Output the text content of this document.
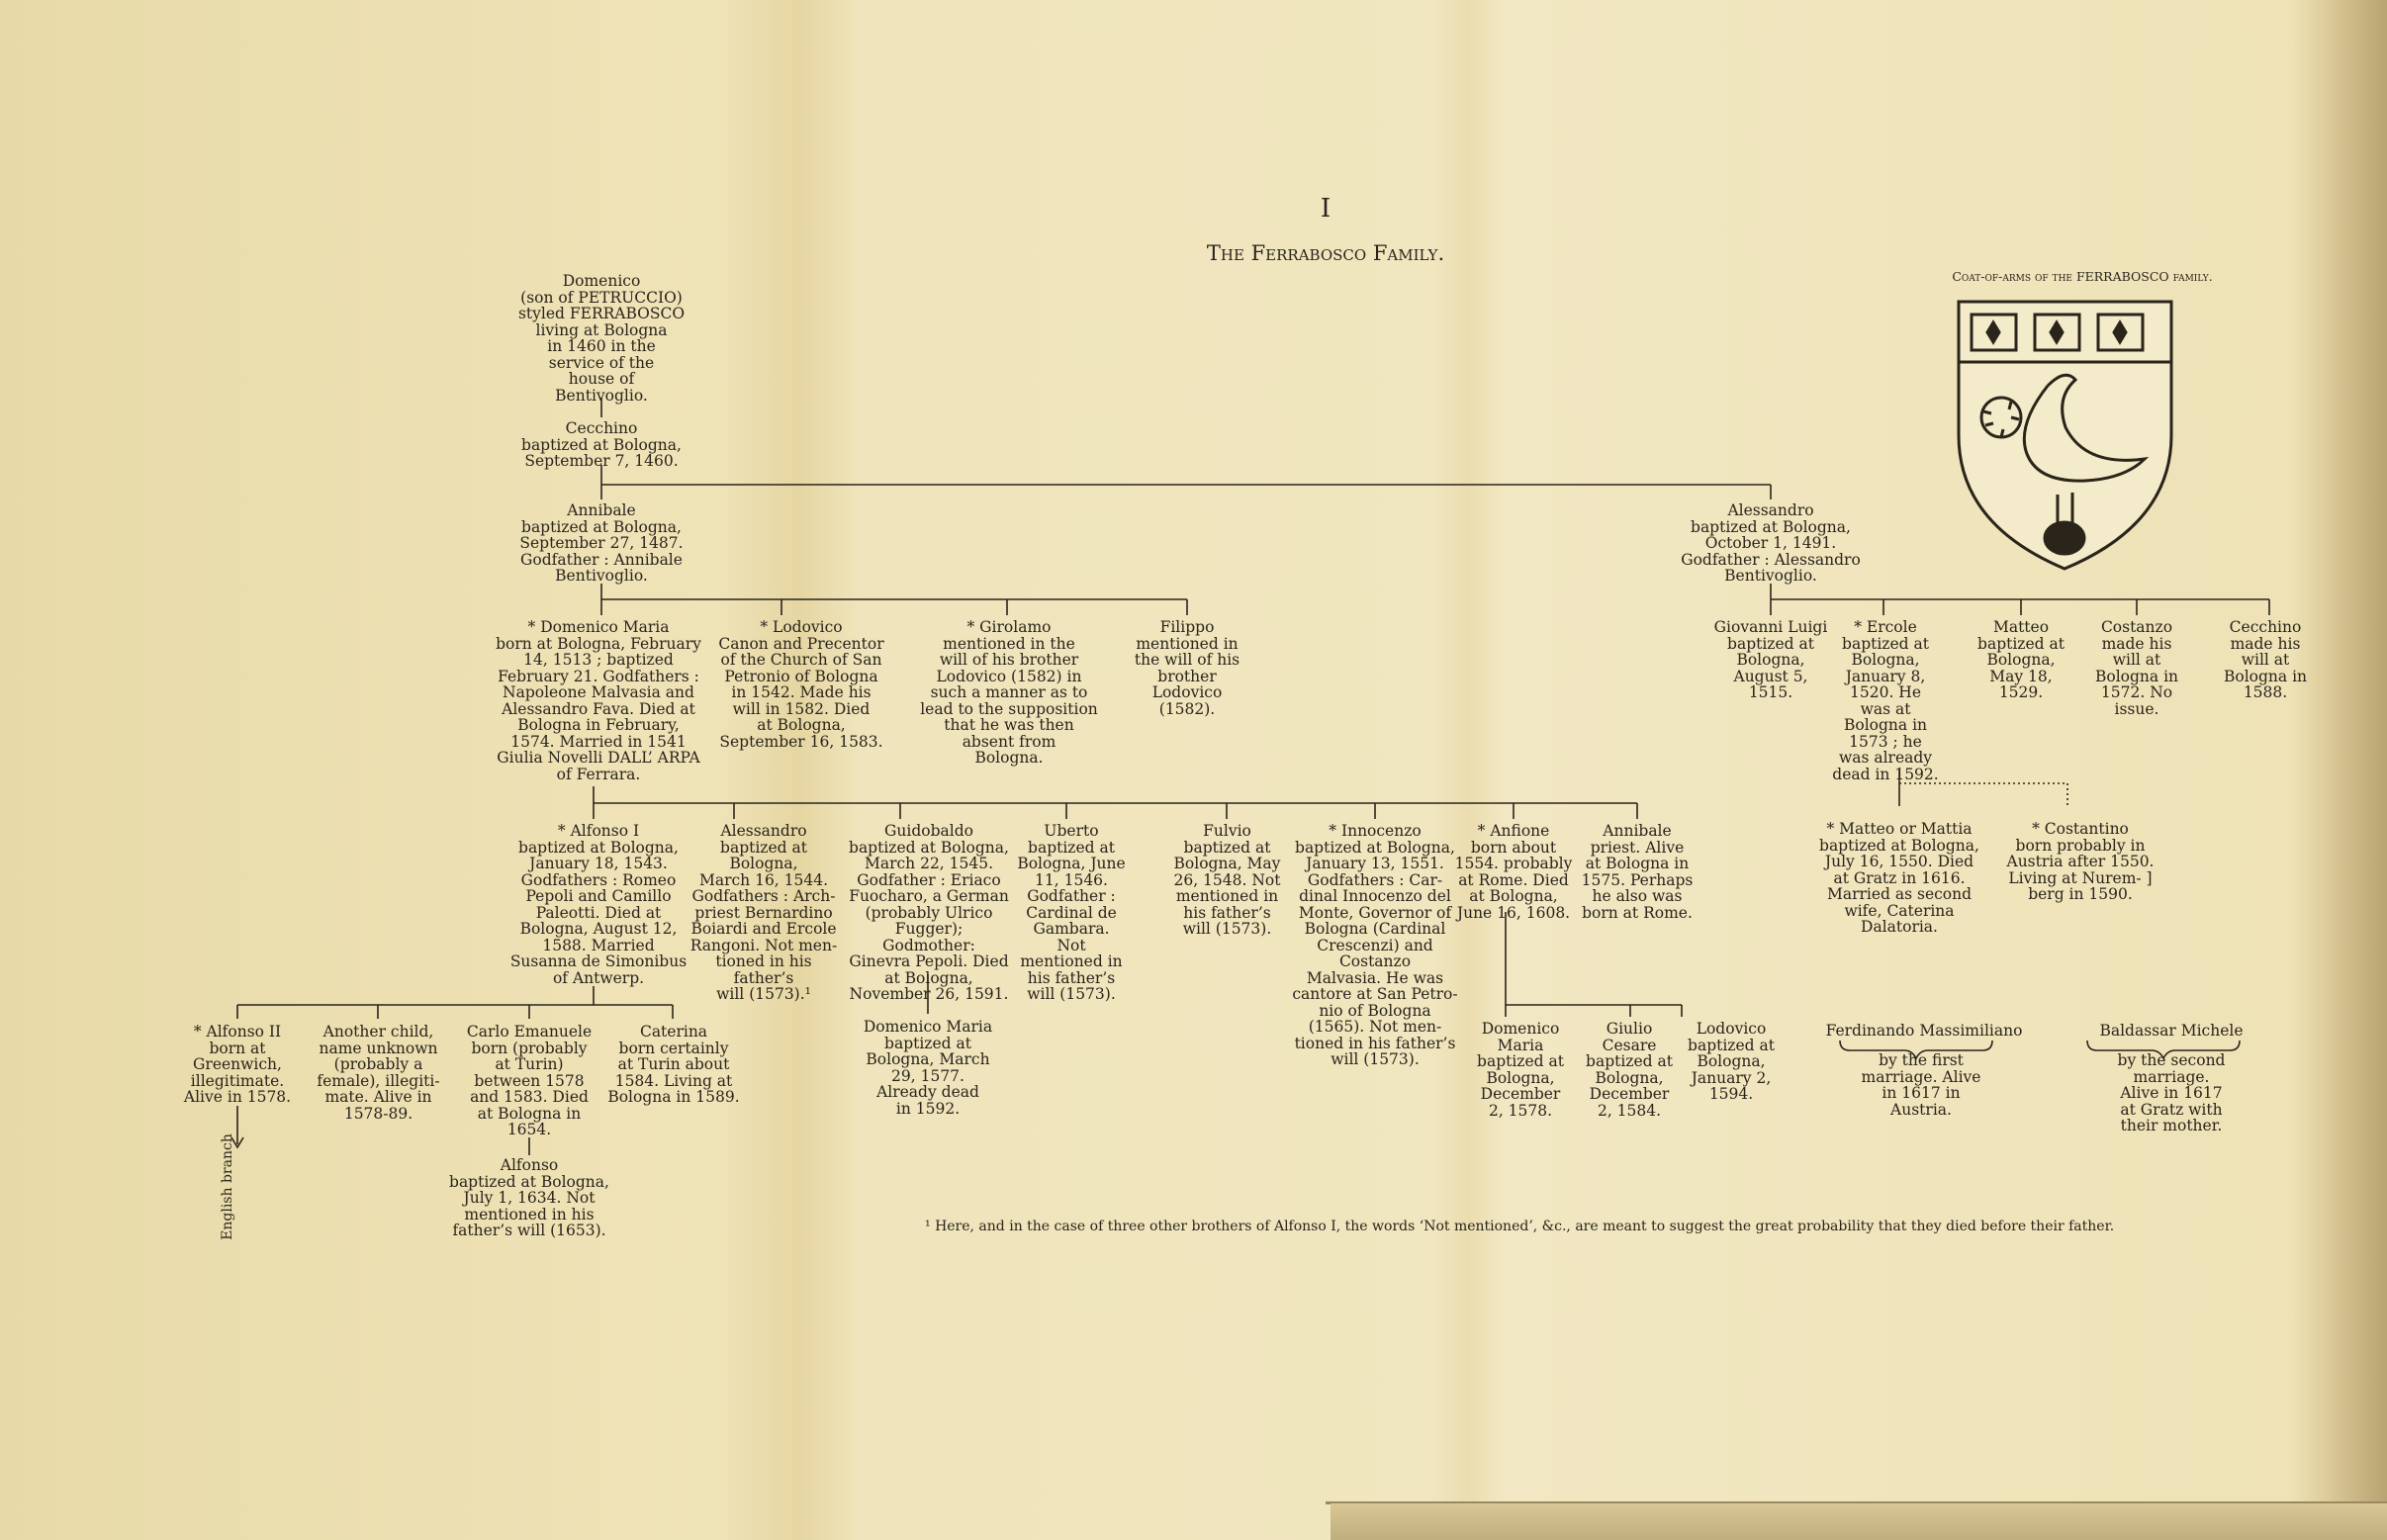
I
The Ferrabosco Family.
Coat-of-arms of the FERRABOSCO family.
Domenico
(son of PETRUCCIO)
styled FERRABOSCO
living at Bologna
in 1460 in the
service of the
house of
Bentivoglio.
Cecchino
baptized at Bologna,
September 7, 1460.
Annibale
baptized at Bologna,
September 27, 1487.
Godfather : Annibale
Bentivoglio.
Alessandro
baptized at Bologna,
October 1, 1491.
Godfather : Alessandro
Bentivoglio.
* Domenico Maria
born at Bologna, February
14, 1513 ; baptized
February 21. Godfathers :
Napoleone Malvasia and
Alessandro Fava. Died at
Bologna in February,
1574. Married in 1541
Giulia Novelli DALL’ ARPA
of Ferrara.
* Lodovico
Canon and Precentor
of the Church of San
Petronio of Bologna
in 1542. Made his
will in 1582. Died
at Bologna,
September 16, 1583.
* Girolamo
mentioned in the
will of his brother
Lodovico (1582) in
such a manner as to
lead to the supposition
that he was then
absent from
Bologna.
Filippo
mentioned in
the will of his
brother
Lodovico
(1582).
Giovanni Luigi
baptized at
Bologna,
August 5,
1515.
* Ercole
baptized at
Bologna,
January 8,
1520. He
was at
Bologna in
1573 ; he
was already
dead in 1592.
Matteo
baptized at
Bologna,
May 18,
1529.
Costanzo
made his
will at
Bologna in
1572. No
issue.
Cecchino
made his
will at
Bologna in
1588.
* Alfonso I
baptized at Bologna,
January 18, 1543.
Godfathers : Romeo
Pepoli and Camillo
Paleotti. Died at
Bologna, August 12,
1588. Married
Susanna de Simonibus
of Antwerp.
Alessandro
baptized at Bologna,
March 16, 1544.
Godfathers : Arch-
priest Bernardino
Boiardi and Ercole
Rangoni. Not men-
tioned in his father’s
will (1573).¹
Guidobaldo
baptized at Bologna,
March 22, 1545.
Godfather : Eriaco
Fuocharo, a German
(probably Ulrico
Fugger); Godmother:
Ginevra Pepoli. Died
at Bologna,
November 26, 1591.
Uberto
baptized at
Bologna, June
11, 1546.
Godfather :
Cardinal de
Gambara. Not
mentioned in
his father’s
will (1573).
Fulvio
baptized at
Bologna, May
26, 1548. Not
mentioned in
his father’s
will (1573).
* Innocenzo
baptized at Bologna,
January 13, 1551.
Godfathers : Car-
dinal Innocenzo del
Monte, Governor of
Bologna (Cardinal
Crescenzi) and Costanzo
Malvasia. He was
cantore at San Petro-
nio of Bologna
(1565). Not men-
tioned in his father’s
will (1573).
* Anfione
born about
1554. probably
at Rome. Died
at Bologna,
June 16, 1608.
Annibale
priest. Alive
at Bologna in
1575. Perhaps
he also was
born at Rome.
* Matteo or Mattia
baptized at Bologna,
July 16, 1550. Died
at Gratz in 1616.
Married as second
wife, Caterina
Dalatoria.
* Costantino
born probably in
Austria after 1550.
Living at Nurem- ]
berg in 1590.
* Alfonso II
born at
Greenwich,
illegitimate.
Alive in 1578.
Another child,
name unknown
(probably a
female), illegiti-
mate. Alive in
1578-89.
Carlo Emanuele
born (probably
at Turin)
between 1578
and 1583. Died
at Bologna in
1654.
Caterina
born certainly
at Turin about
1584. Living at
Bologna in 1589.
Domenico Maria
baptized at
Bologna, March
29, 1577.
Already dead
in 1592.
Alfonso
baptized at Bologna,
July 1, 1634. Not
mentioned in his
father’s will (1653).
Domenico
Maria
baptized at
Bologna,
December
2, 1578.
Giulio
Cesare
baptized at
Bologna,
December
2, 1584.
Lodovico
baptized at
Bologna,
January 2,
1594.
Ferdinando Massimiliano
by the first
marriage. Alive
in 1617 in
Austria.
Baldassar Michele
by the second
marriage.
Alive in 1617
at Gratz with
their mother.
English branch	¹ Here, and in the case of three other brothers of Alfonso I, the words ‘Not mentioned’, &c., are meant to suggest the great probability that they died before their father.
